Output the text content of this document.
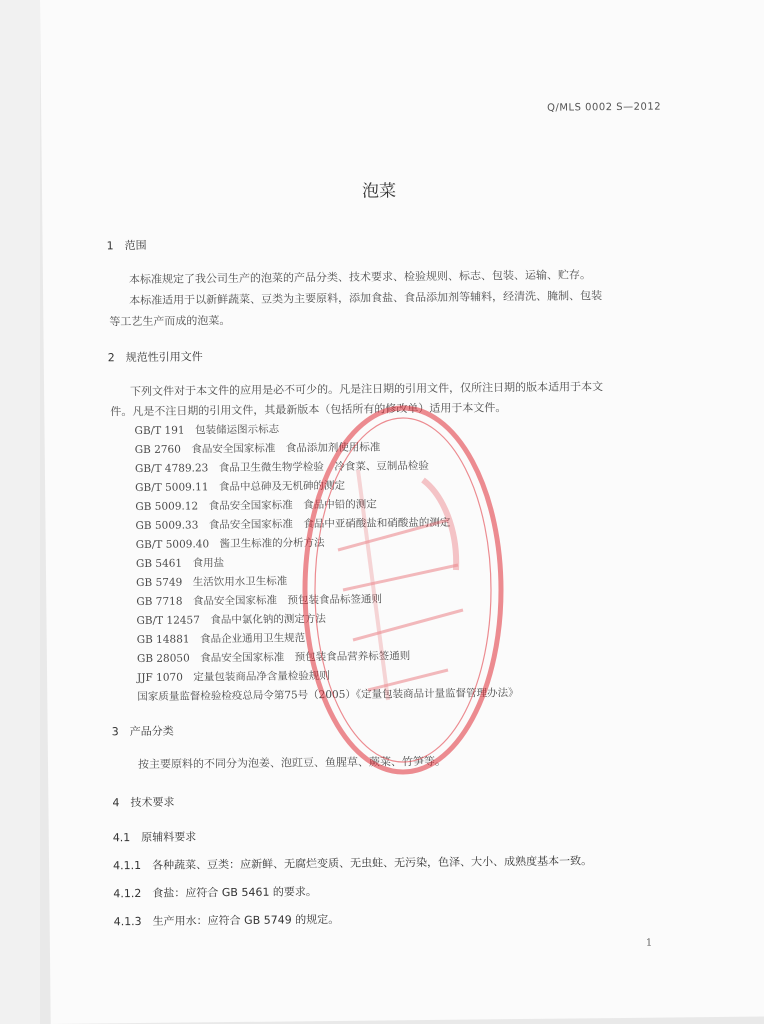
Q/MLS 0002 S—2012
泡菜
1　范围
本标准规定了我公司生产的泡菜的产品分类、技术要求、检验规则、标志、包装、运输、贮存。
本标准适用于以新鲜蔬菜、豆类为主要原料，添加食盐、食品添加剂等辅料，经清洗、腌制、包装
等工艺生产而成的泡菜。
2　规范性引用文件
下列文件对于本文件的应用是必不可少的。凡是注日期的引用文件，仅所注日期的版本适用于本文
件。凡是不注日期的引用文件，其最新版本（包括所有的修改单）适用于本文件。
GB/T 191　包装储运图示标志
GB 2760　食品安全国家标准　食品添加剂使用标准
GB/T 4789.23　食品卫生微生物学检验　冷食菜、豆制品检验
GB/T 5009.11　食品中总砷及无机砷的测定
GB 5009.12　食品安全国家标准　食品中铅的测定
GB 5009.33　食品安全国家标准　食品中亚硝酸盐和硝酸盐的测定
GB/T 5009.40　酱卫生标准的分析方法
GB 5461　食用盐
GB 5749　生活饮用水卫生标准
GB 7718　食品安全国家标准　预包装食品标签通则
GB/T 12457　食品中氯化钠的测定方法
GB 14881　食品企业通用卫生规范
GB 28050　食品安全国家标准　预包装食品营养标签通则
JJF 1070　定量包装商品净含量检验规则
国家质量监督检验检疫总局令第75号（2005）《定量包装商品计量监督管理办法》
3　产品分类
按主要原料的不同分为泡姜、泡豇豆、鱼腥草、蕨菜、竹笋等。
4　技术要求
4.1　原辅料要求
4.1.1　各种蔬菜、豆类：应新鲜、无腐烂变质、无虫蛀、无污染，色泽、大小、成熟度基本一致。
4.1.2　食盐：应符合 GB 5461 的要求。
4.1.3　生产用水：应符合 GB 5749 的规定。
1
